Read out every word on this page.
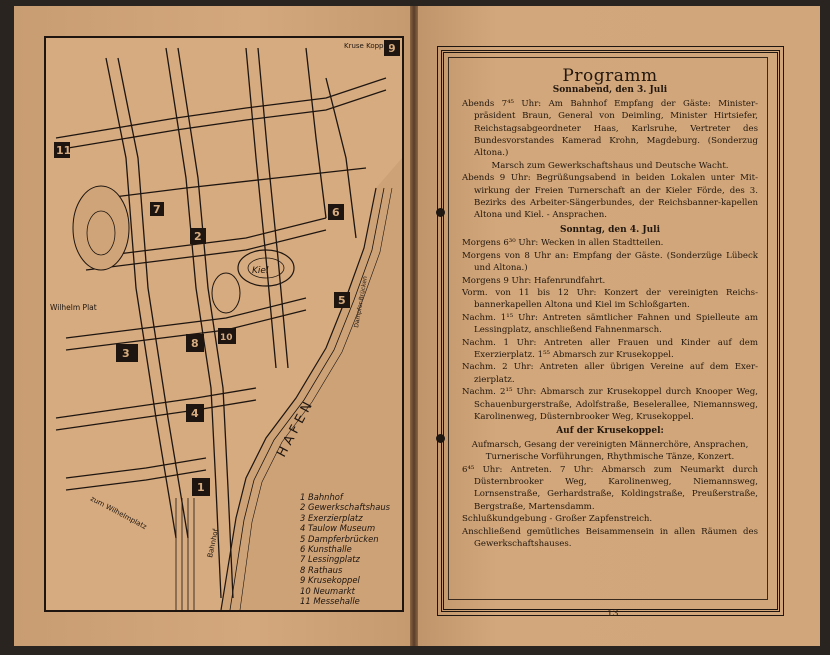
9
11
7
2
6
5
3
8 10
4
1
Kruse Koppel
Kiel
Wilhelm Plat
HAFEN
zum Wilhelmplatz
Bahnhof
Dampfer-Brücken
1 Bahnhof
2 Gewerkschaftshaus
3 Exerzierplatz
4 Taulow Museum
5 Dampferbrücken
6 Kunsthalle
7 Lessingplatz
8 Rathaus
9 Krusekoppel
10 Neumarkt
11 Messehalle
Programm
Sonnabend, den 3. Juli

Abends 7⁴⁵ Uhr: Am Bahnhof Empfang der Gäste: Minister-präsident Braun, General von Deimling, Minister Hirtsiefer, Reichstagsabgeordneter Haas, Karlsruhe, Vertreter des Bundesvorstandes Kamerad Krohn, Magdeburg. (Sonderzug Altona.)

Marsch zum Gewerkschaftshaus und Deutsche Wacht.

Abends 9 Uhr: Begrüßungsabend in beiden Lokalen unter Mit-wirkung der Freien Turnerschaft an der Kieler Förde, des 3. Bezirks des Arbeiter-Sängerbundes, der Reichsbanner-kapellen Altona und Kiel. - Ansprachen.

Sonntag, den 4. Juli

Morgens 6³⁰ Uhr: Wecken in allen Stadtteilen.

Morgens von 8 Uhr an: Empfang der Gäste. (Sonderzüge Lübeck und Altona.)

Morgens 9 Uhr: Hafenrundfahrt.

Vorm. von 11 bis 12 Uhr: Konzert der vereinigten Reichs-bannerkapellen Altona und Kiel im Schloßgarten.

Nachm. 1¹⁵ Uhr: Antreten sämtlicher Fahnen und Spielleute am Lessingplatz, anschließend Fahnenmarsch.

Nachm. 1 Uhr: Antreten aller Frauen und Kinder auf dem Exerzierplatz. 1⁵⁵ Abmarsch zur Krusekoppel.

Nachm. 2 Uhr: Antreten aller übrigen Vereine auf dem Exer-zierplatz.

Nachm. 2¹⁵ Uhr: Abmarsch zur Krusekoppel durch Knooper Weg, Schauenburgerstraße, Adolfstraße, Beselerallee, Niemannsweg, Karolinenweg, Düsternbrooker Weg, Krusekoppel.

Auf der Krusekoppel:

Aufmarsch, Gesang der vereinigten Männerchöre, Ansprachen, Turnerische Vorführungen, Rhythmische Tänze, Konzert.

6⁴⁵ Uhr: Antreten. 7 Uhr: Abmarsch zum Neumarkt durch Düsternbrooker Weg, Karolinenweg, Niemannsweg, Lornsenstraße, Gerhardstraße, Koldingstraße, Preußerstraße, Bergstraße, Martensdamm.

Schlußkundgebung - Großer Zapfenstreich.

Anschließend gemütliches Beisammensein in allen Räumen des Gewerkschaftshauses.

13
